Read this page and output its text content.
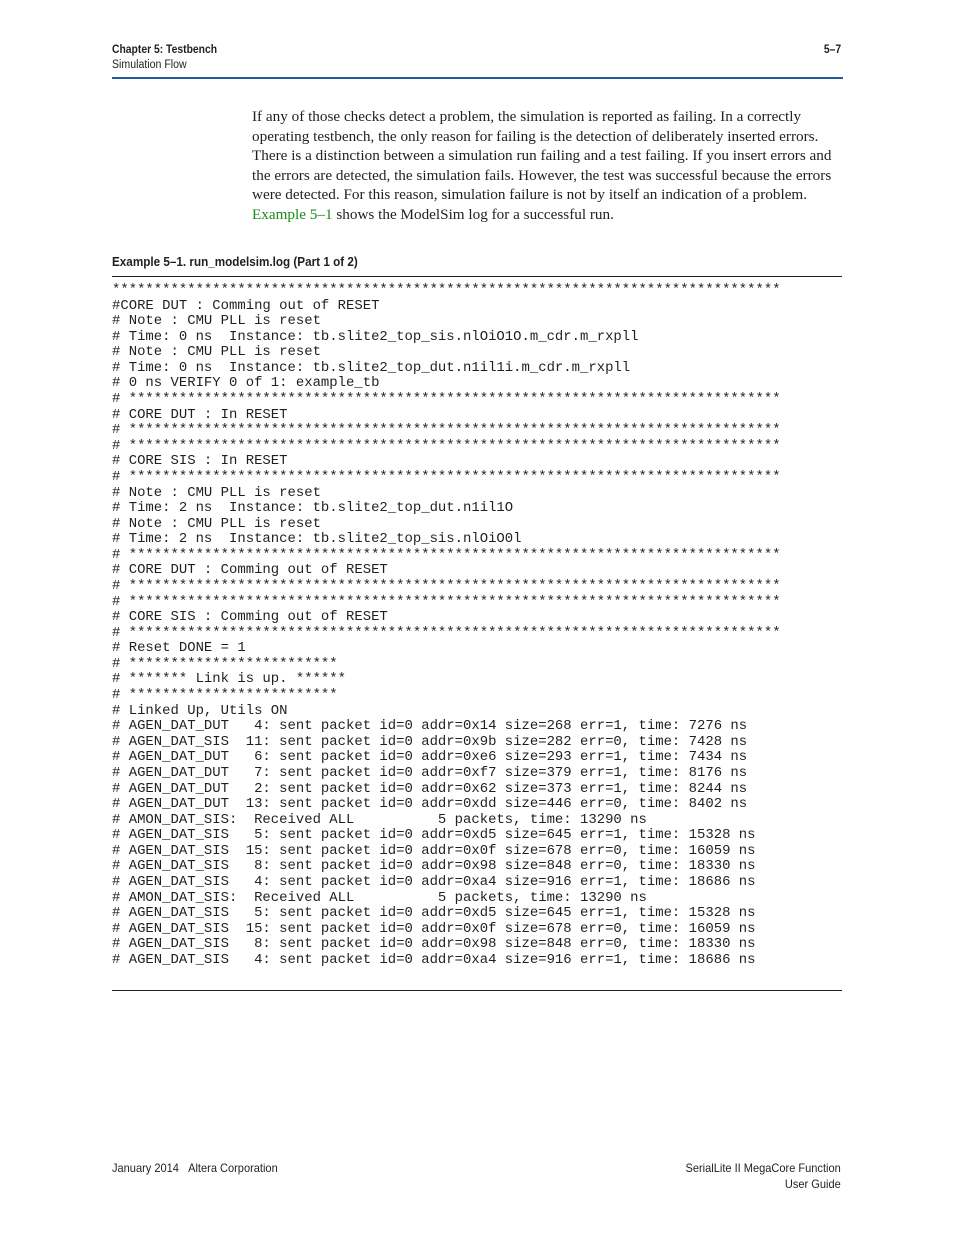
Chapter 5: Testbench
Simulation Flow
5–7

If any of those checks detect a problem, the simulation is reported as failing. In a correctly operating testbench, the only reason for failing is the detection of deliberately inserted errors. There is a distinction between a simulation run failing and a test failing. If you insert errors and the errors are detected, the simulation fails. However, the test was successful because the errors were detected. For this reason, simulation failure is not by itself an indication of a problem. Example 5–1 shows the ModelSim log for a successful run.

Example 5–1. run_modelsim.log (Part 1 of 2)
********************************************************************************
#CORE DUT : Comming out of RESET
# Note : CMU PLL is reset
# Time: 0 ns  Instance: tb.slite2_top_sis.nlOiO1O.m_cdr.m_rxpll
# Note : CMU PLL is reset
# Time: 0 ns  Instance: tb.slite2_top_dut.n1il1i.m_cdr.m_rxpll
# 0 ns VERIFY 0 of 1: example_tb
# ******************************************************************************
# CORE DUT : In RESET
# ******************************************************************************
# ******************************************************************************
# CORE SIS : In RESET
# ******************************************************************************
# Note : CMU PLL is reset
# Time: 2 ns  Instance: tb.slite2_top_dut.n1il1O
# Note : CMU PLL is reset
# Time: 2 ns  Instance: tb.slite2_top_sis.nlOiO0l
# ******************************************************************************
# CORE DUT : Comming out of RESET
# ******************************************************************************
# ******************************************************************************
# CORE SIS : Comming out of RESET
# ******************************************************************************
# Reset DONE = 1
# *************************
# ******* Link is up. ******
# *************************
# Linked Up, Utils ON
# AGEN_DAT_DUT   4: sent packet id=0 addr=0x14 size=268 err=1, time: 7276 ns
# AGEN_DAT_SIS  11: sent packet id=0 addr=0x9b size=282 err=0, time: 7428 ns
# AGEN_DAT_DUT   6: sent packet id=0 addr=0xe6 size=293 err=1, time: 7434 ns
# AGEN_DAT_DUT   7: sent packet id=0 addr=0xf7 size=379 err=1, time: 8176 ns
# AGEN_DAT_DUT   2: sent packet id=0 addr=0x62 size=373 err=1, time: 8244 ns
# AGEN_DAT_DUT  13: sent packet id=0 addr=0xdd size=446 err=0, time: 8402 ns
# AMON_DAT_SIS:  Received ALL          5 packets, time: 13290 ns
# AGEN_DAT_SIS   5: sent packet id=0 addr=0xd5 size=645 err=1, time: 15328 ns
# AGEN_DAT_SIS  15: sent packet id=0 addr=0x0f size=678 err=0, time: 16059 ns
# AGEN_DAT_SIS   8: sent packet id=0 addr=0x98 size=848 err=0, time: 18330 ns
# AGEN_DAT_SIS   4: sent packet id=0 addr=0xa4 size=916 err=1, time: 18686 ns
# AMON_DAT_SIS:  Received ALL          5 packets, time: 13290 ns
# AGEN_DAT_SIS   5: sent packet id=0 addr=0xd5 size=645 err=1, time: 15328 ns
# AGEN_DAT_SIS  15: sent packet id=0 addr=0x0f size=678 err=0, time: 16059 ns
# AGEN_DAT_SIS   8: sent packet id=0 addr=0x98 size=848 err=0, time: 18330 ns
# AGEN_DAT_SIS   4: sent packet id=0 addr=0xa4 size=916 err=1, time: 18686 ns
January 2014 Altera Corporation	SerialLite II MegaCore Function
User Guide
